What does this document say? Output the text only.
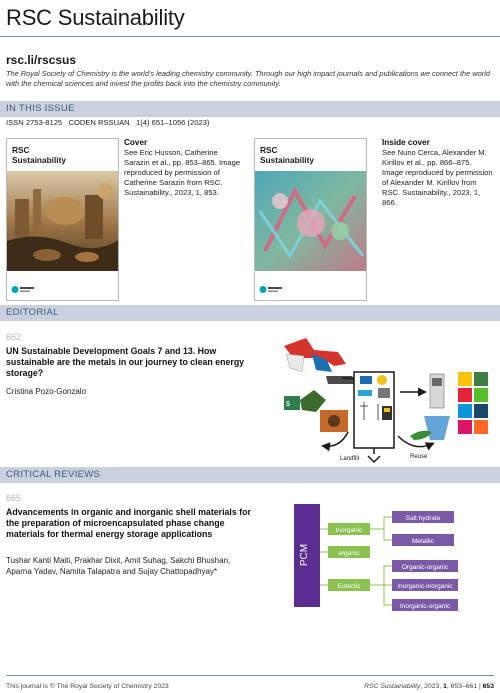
RSC Sustainability
rsc.li/rscsus
The Royal Society of Chemistry is the world's leading chemistry community. Through our high impact journals and publications we connect the world with the chemical sciences and invest the profits back into the chemistry community.
IN THIS ISSUE
ISSN 2753-8125   CODEN RSSUAN   1(4) 651–1056 (2023)
RSC
Sustainability
Cover
See Eric Husson, Catherine Sarazin et al., pp. 853–865. Image reproduced by permission of Catherine Sarazin from RSC. Sustainability., 2023, 1, 853.
RSC
Sustainability
Inside cover
See Nuno Cerca, Alexander M. Kirillov et al., pp. 866–875. Image reproduced by permission of Alexander M. Kirillov from RSC. Sustainability., 2023, 1, 866.
EDITORIAL
662
UN Sustainable Development Goals 7 and 13. How sustainable are the metals in our journey to clean energy storage?
Cristina Pozo-Gonzalo
$
Landfill	Reuse
CRITICAL REVIEWS
665
Advancements in organic and inorganic shell materials for the preparation of microencapsulated phase change materials for thermal energy storage applications
Tushar Kanti Maiti, Prakhar Dixit, Amit Suhag, Sakchi Bhushan, Aparna Yadav, Namita Talapatra and Sujay Chattopadhyay*
PCM
Inorganic
organic
Eutectic
Salt hydrate
Metallic
Organic-organic
Inorganic-inorganic
Inorganic-organic
This journal is © The Royal Society of Chemistry 2023	RSC Sustainability, 2023, 1, 653–661 | 653
